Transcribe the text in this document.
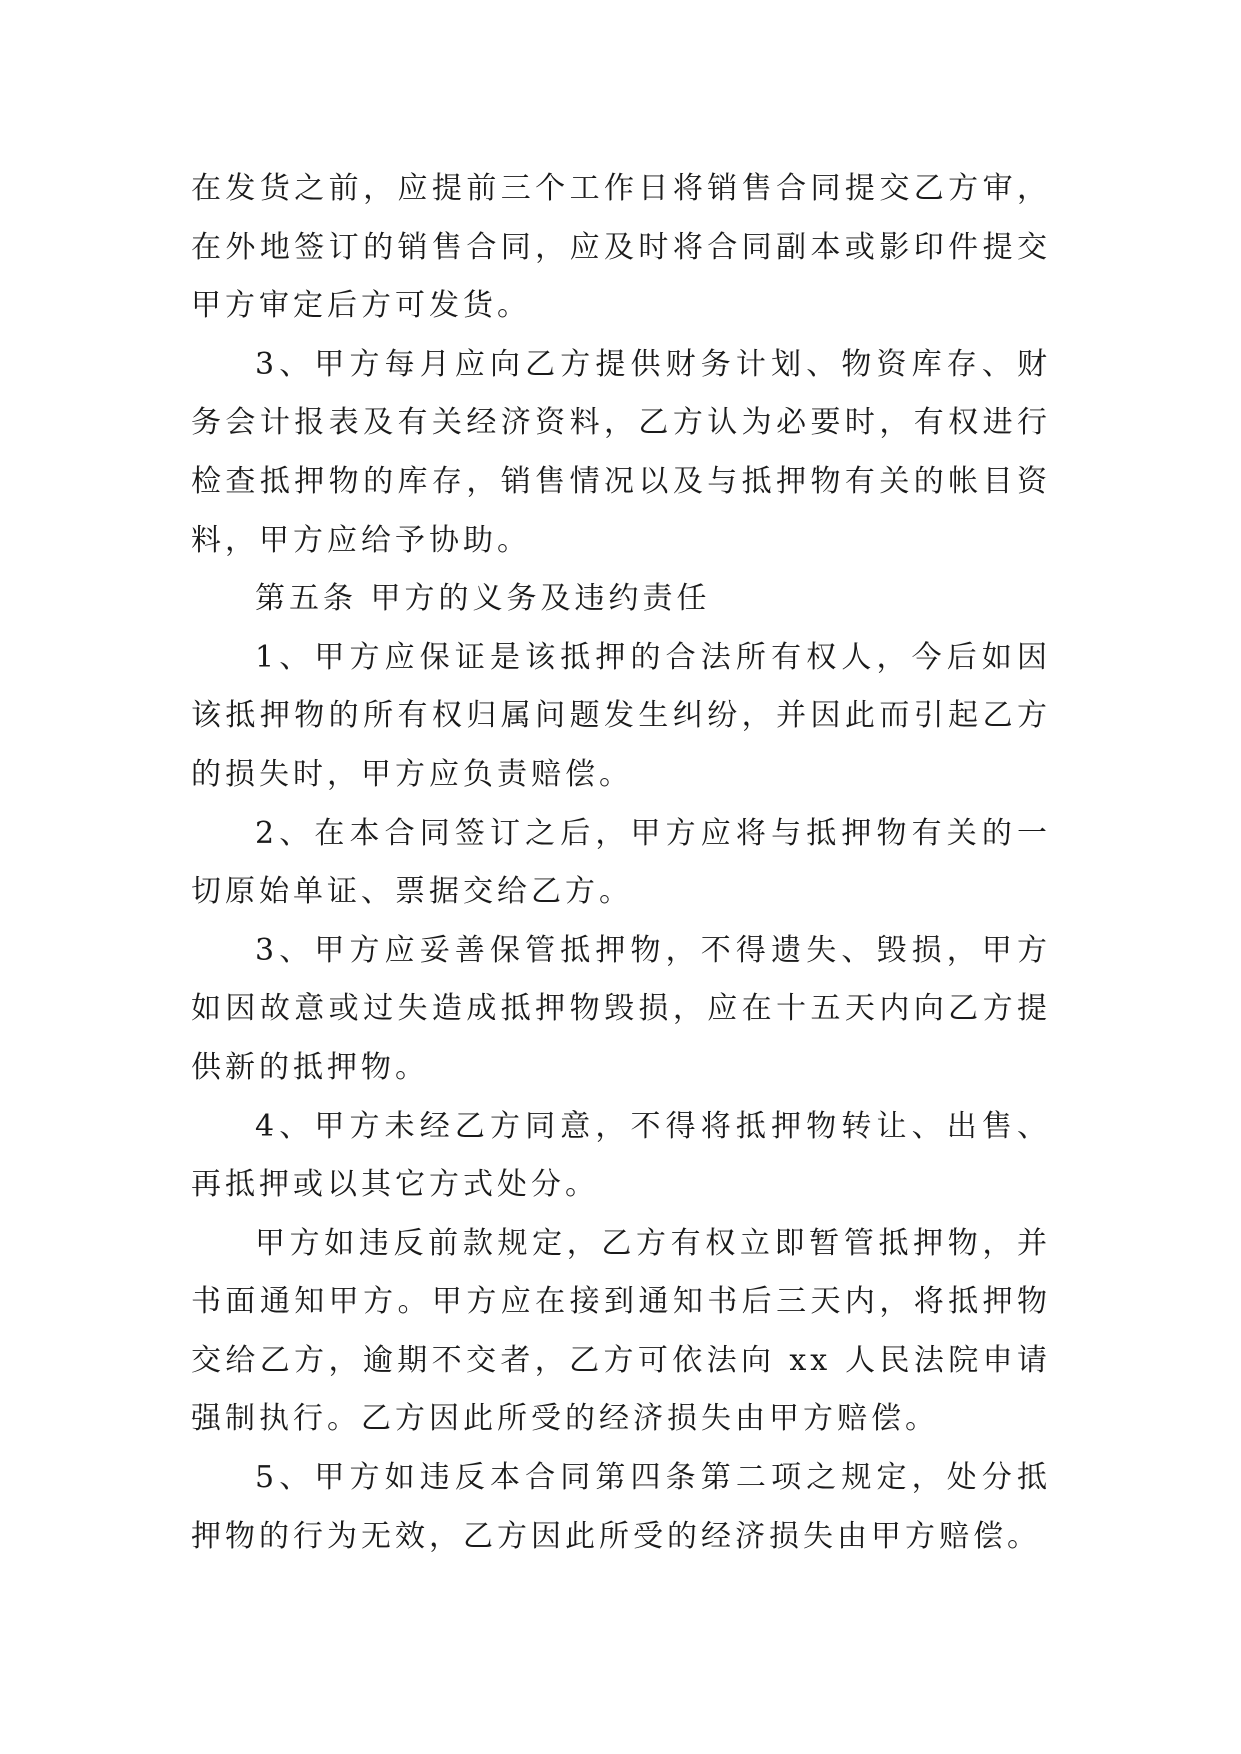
在发货之前，应提前三个工作日将销售合同提交乙方审，在外地签订的销售合同，应及时将合同副本或影印件提交甲方审定后方可发货。

3、甲方每月应向乙方提供财务计划、物资库存、财务会计报表及有关经济资料，乙方认为必要时，有权进行检查抵押物的库存，销售情况以及与抵押物有关的帐目资料，甲方应给予协助。

第五条 甲方的义务及违约责任

1、甲方应保证是该抵押的合法所有权人，今后如因该抵押物的所有权归属问题发生纠纷，并因此而引起乙方的损失时，甲方应负责赔偿。

2、在本合同签订之后，甲方应将与抵押物有关的一切原始单证、票据交给乙方。

3、甲方应妥善保管抵押物，不得遗失、毁损，甲方如因故意或过失造成抵押物毁损，应在十五天内向乙方提供新的抵押物。

4、甲方未经乙方同意，不得将抵押物转让、出售、再抵押或以其它方式处分。

甲方如违反前款规定，乙方有权立即暂管抵押物，并书面通知甲方。甲方应在接到通知书后三天内，将抵押物交给乙方，逾期不交者，乙方可依法向 xx 人民法院申请强制执行。乙方因此所受的经济损失由甲方赔偿。

5、甲方如违反本合同第四条第二项之规定，处分抵押物的行为无效，乙方因此所受的经济损失由甲方赔偿。
